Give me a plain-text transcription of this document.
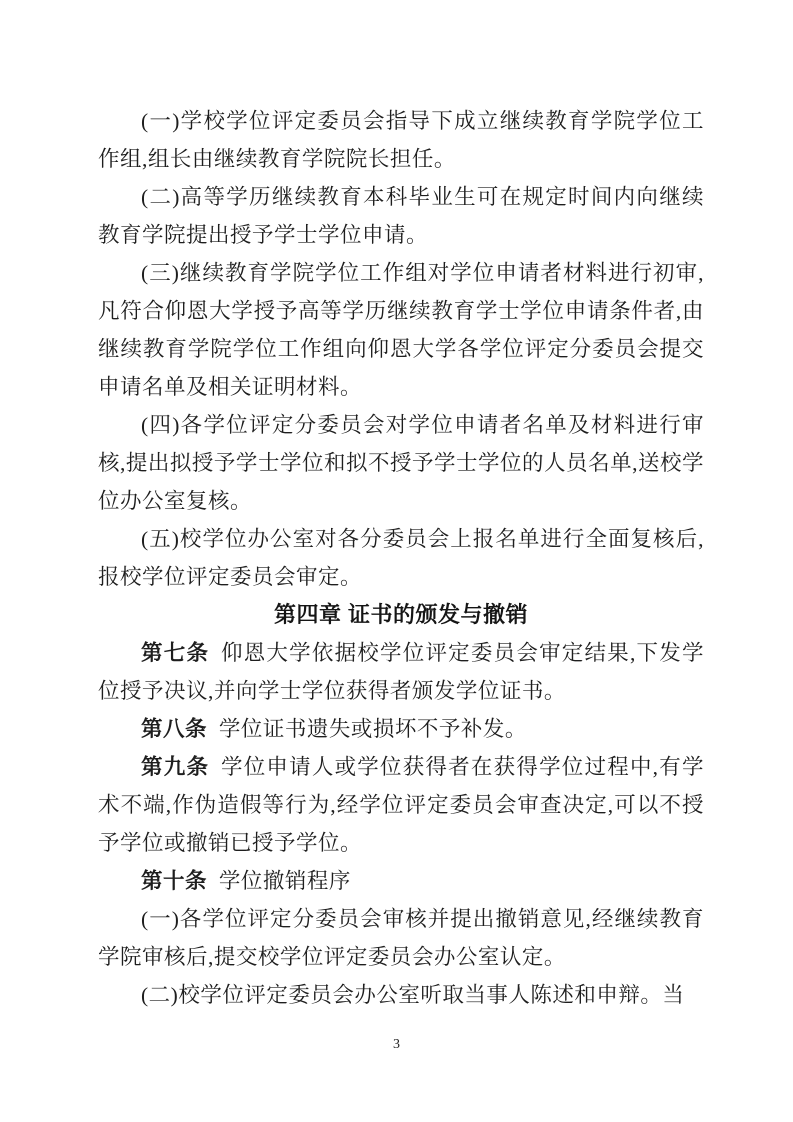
(一)学校学位评定委员会指导下成立继续教育学院学位工作组,组长由继续教育学院院长担任。

(二)高等学历继续教育本科毕业生可在规定时间内向继续教育学院提出授予学士学位申请。

(三)继续教育学院学位工作组对学位申请者材料进行初审,凡符合仰恩大学授予高等学历继续教育学士学位申请条件者,由继续教育学院学位工作组向仰恩大学各学位评定分委员会提交申请名单及相关证明材料。

(四)各学位评定分委员会对学位申请者名单及材料进行审核,提出拟授予学士学位和拟不授予学士学位的人员名单,送校学位办公室复核。

(五)校学位办公室对各分委员会上报名单进行全面复核后,报校学位评定委员会审定。

第四章 证书的颁发与撤销

第七条 仰恩大学依据校学位评定委员会审定结果,下发学位授予决议,并向学士学位获得者颁发学位证书。

第八条 学位证书遗失或损坏不予补发。

第九条 学位申请人或学位获得者在获得学位过程中,有学术不端,作伪造假等行为,经学位评定委员会审查决定,可以不授予学位或撤销已授予学位。

第十条 学位撤销程序

(一)各学位评定分委员会审核并提出撤销意见,经继续教育学院审核后,提交校学位评定委员会办公室认定。

(二)校学位评定委员会办公室听取当事人陈述和申辩。当

3
